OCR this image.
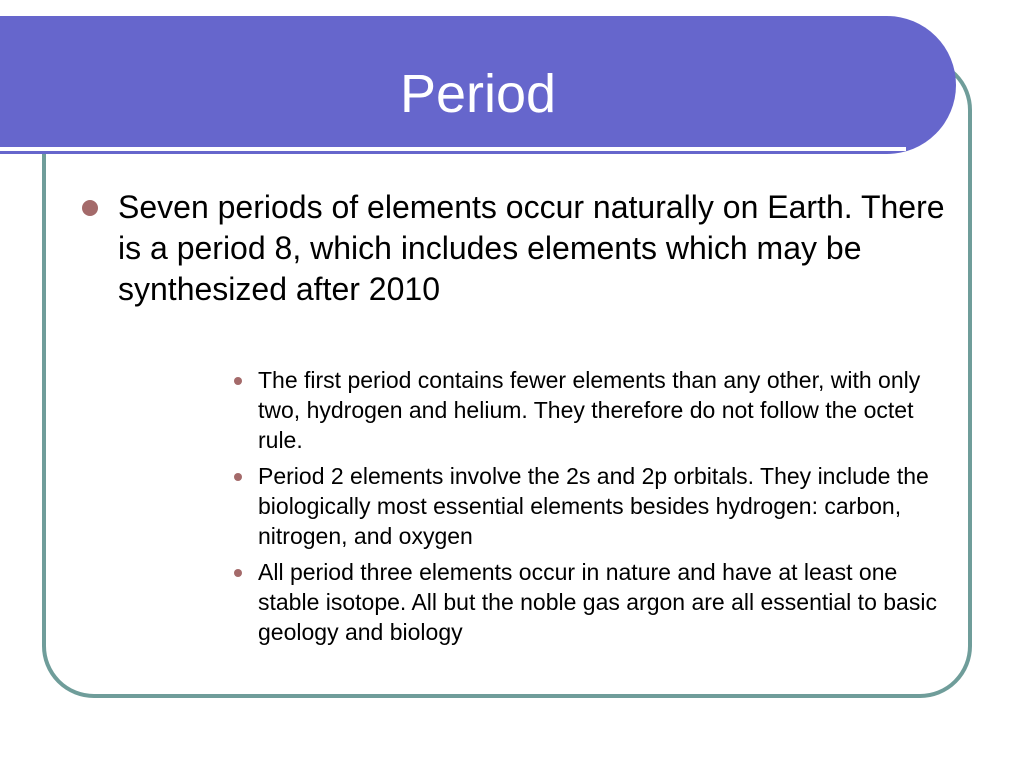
Period

Seven periods of elements occur naturally on Earth. There is a period 8, which includes elements which may be synthesized after 2010

The first period contains fewer elements than any other, with only two, hydrogen and helium. They therefore do not follow the octet rule.
Period 2 elements involve the 2s and 2p orbitals. They include the biologically most essential elements besides hydrogen: carbon, nitrogen, and oxygen
All period three elements occur in nature and have at least one stable isotope. All but the noble gas argon are all essential to basic geology and biology
